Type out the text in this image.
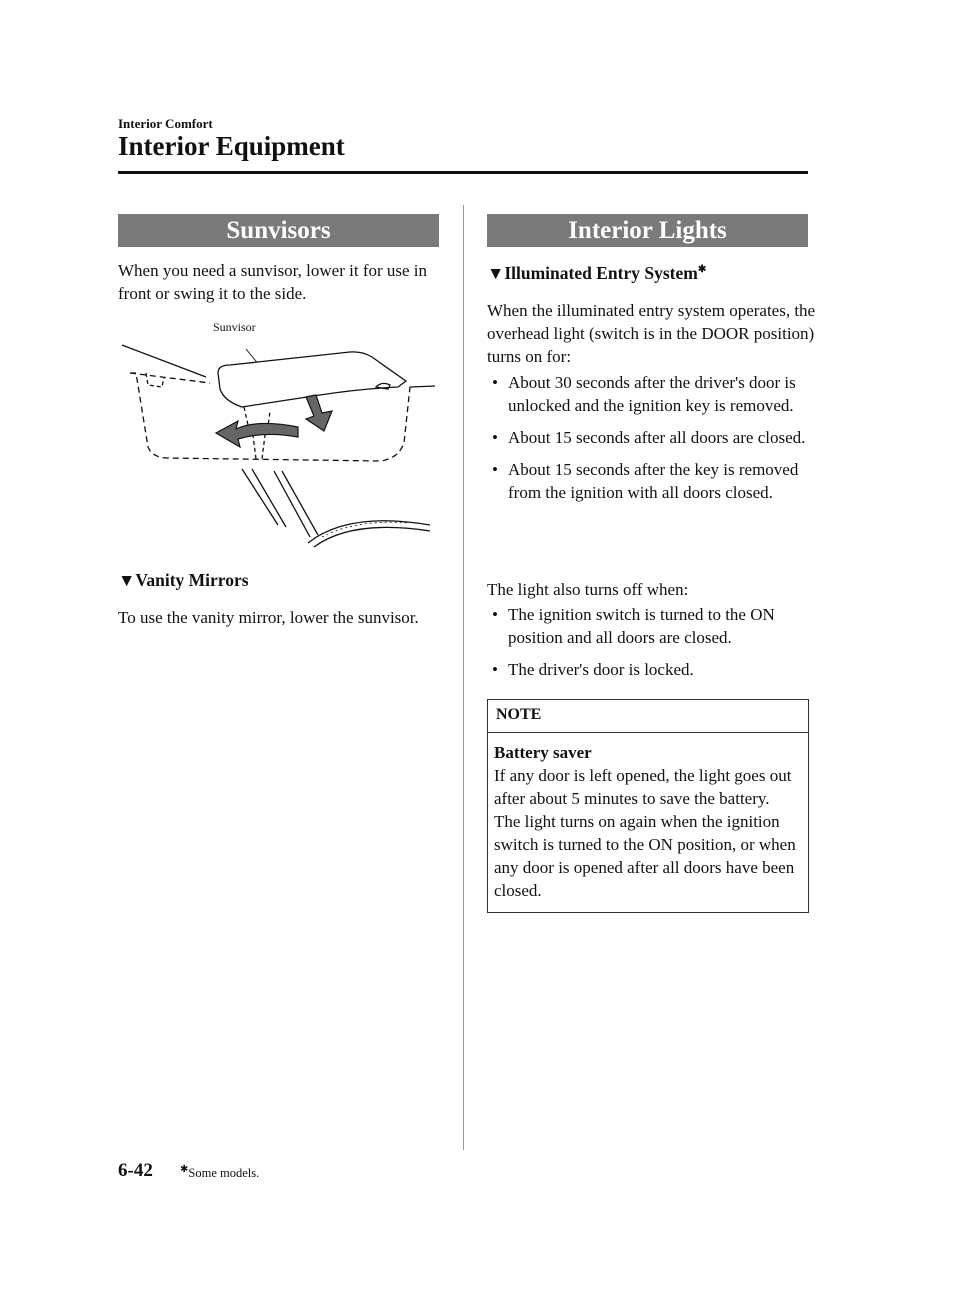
Interior Comfort
Interior Equipment
Sunvisors
When you need a sunvisor, lower it for use in front or swing it to the side.
Sunvisor
▼Vanity Mirrors
To use the vanity mirror, lower the sunvisor.
Interior Lights
▼Illuminated Entry System✱
When the illuminated entry system operates, the overhead light (switch is in the DOOR position) turns on for:
• About 30 seconds after the driver's door is unlocked and the ignition key is removed.
• About 15 seconds after all doors are closed.
• About 15 seconds after the key is removed from the ignition with all doors closed.
The light also turns off when:
• The ignition switch is turned to the ON position and all doors are closed.
• The driver's door is locked.
NOTE
Battery saver
If any door is left opened, the light goes out after about 5 minutes to save the battery.
The light turns on again when the ignition switch is turned to the ON position, or when any door is opened after all doors have been closed.
6-42	✱Some models.
